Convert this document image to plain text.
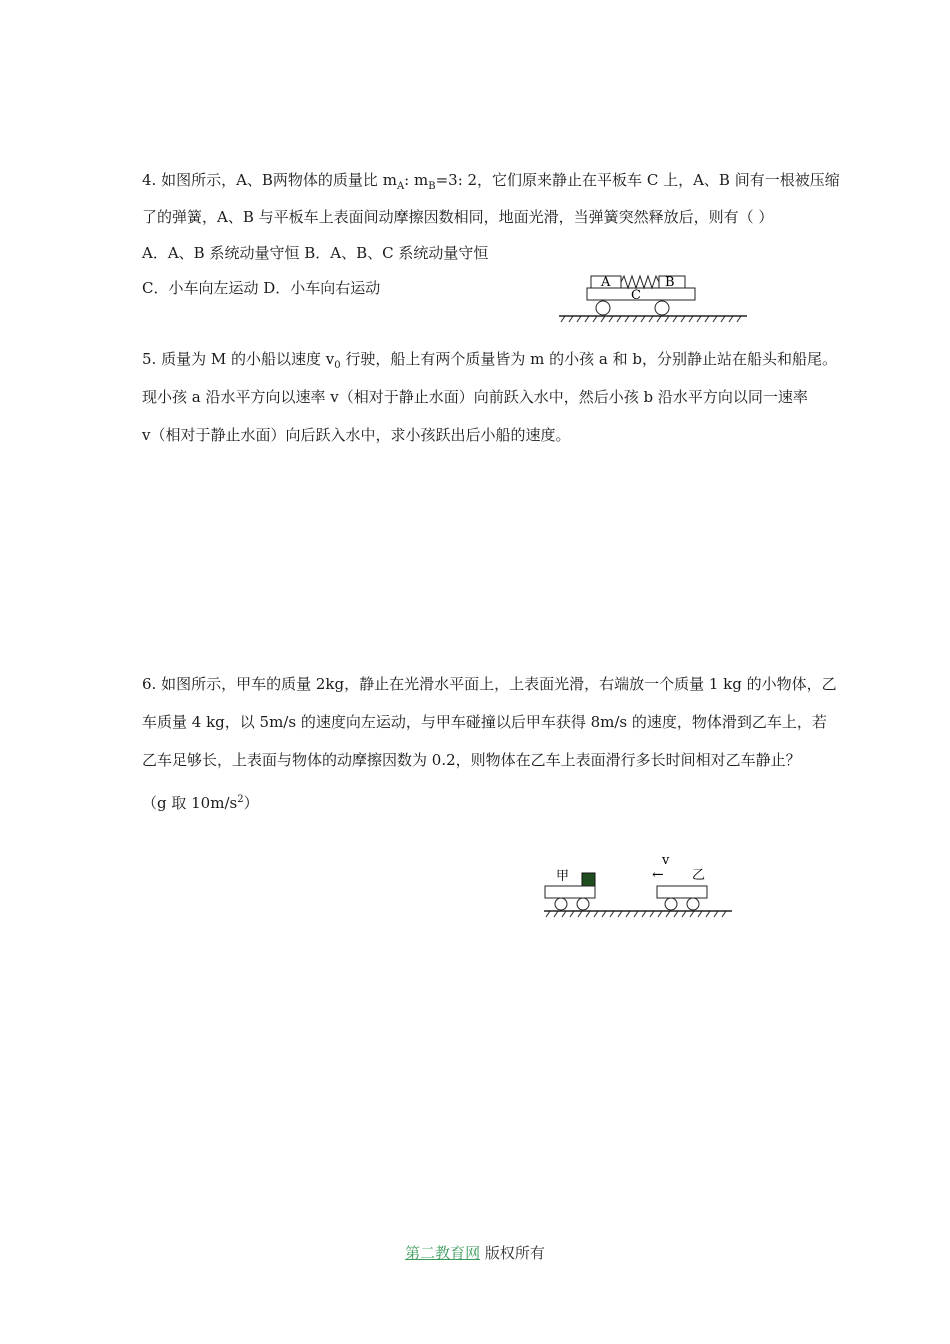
4. 如图所示，A、B两物体的质量比 $m_A$: $m_B=3$: 2，它们原来静止在平板车 C 上，A、B 间有一根被压缩
了的弹簧，A、B 与平板车上表面间动摩擦因数相同，地面光滑，当弹簧突然释放后，则有（ ）
A．A、B 系统动量守恒 B．A、B、C 系统动量守恒
C．小车向左运动 D．小车向右运动	A	B
C
5. 质量为 M 的小船以速度 $v_0$ 行驶，船上有两个质量皆为 m 的小孩 a 和 b，分别静止站在船头和船尾。
现小孩 a 沿水平方向以速率 v（相对于静止水面）向前跃入水中，然后小孩 b 沿水平方向以同一速率
v（相对于静止水面）向后跃入水中，求小孩跃出后小船的速度。
6. 如图所示，甲车的质量 2kg，静止在光滑水平面上，上表面光滑，右端放一个质量 1 kg 的小物体，乙
车质量 4 kg，以 5m/s 的速度向左运动，与甲车碰撞以后甲车获得 8m/s 的速度，物体滑到乙车上，若
乙车足够长，上表面与物体的动摩擦因数为 0.2，则物体在乙车上表面滑行多长时间相对乙车静止？
（g 取 $10m/s^2$）
甲
v
← 乙
第二教育网 版权所有
